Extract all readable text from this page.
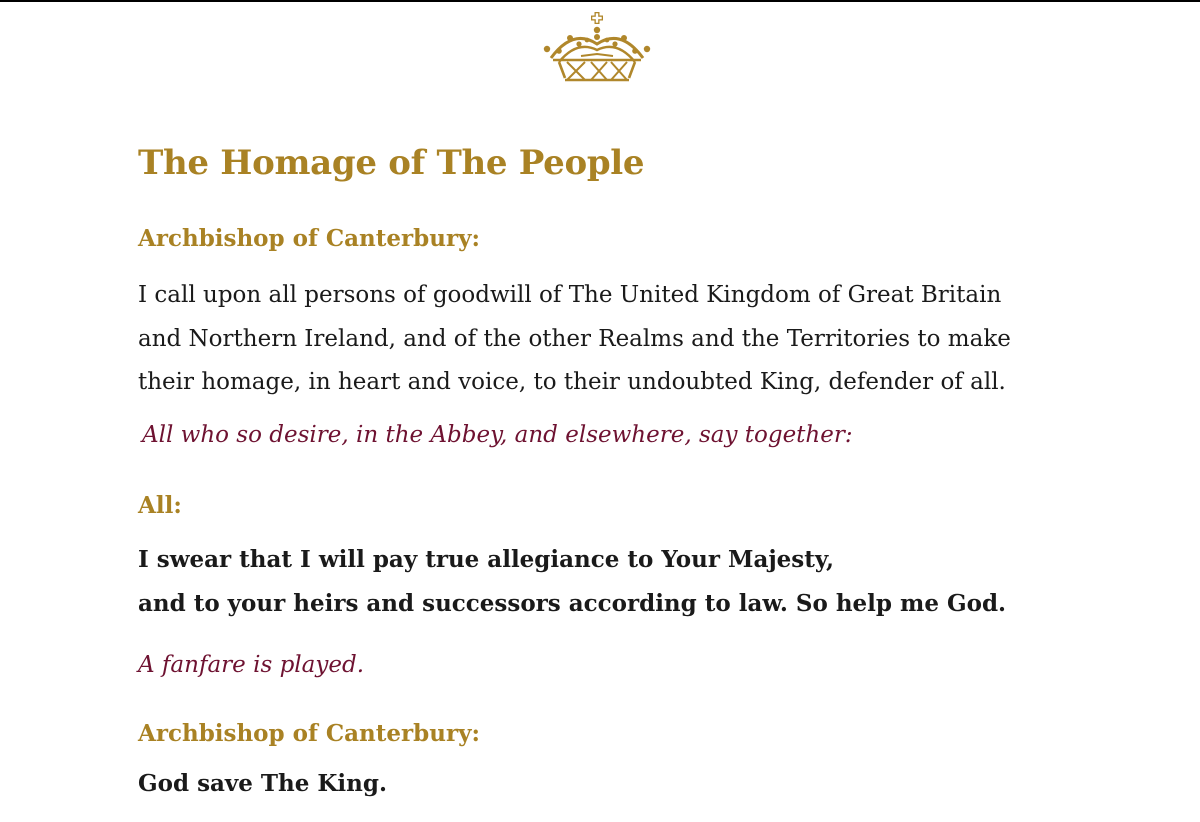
The Homage of The People

Archbishop of Canterbury:

I call upon all persons of goodwill of The United Kingdom of Great Britain
and Northern Ireland, and of the other Realms and the Territories to make
their homage, in heart and voice, to their undoubted King, defender of all.

All who so desire, in the Abbey, and elsewhere, say together:

All:

I swear that I will pay true allegiance to Your Majesty,
and to your heirs and successors according to law. So help me God.

A fanfare is played.

Archbishop of Canterbury:

God save The King.
